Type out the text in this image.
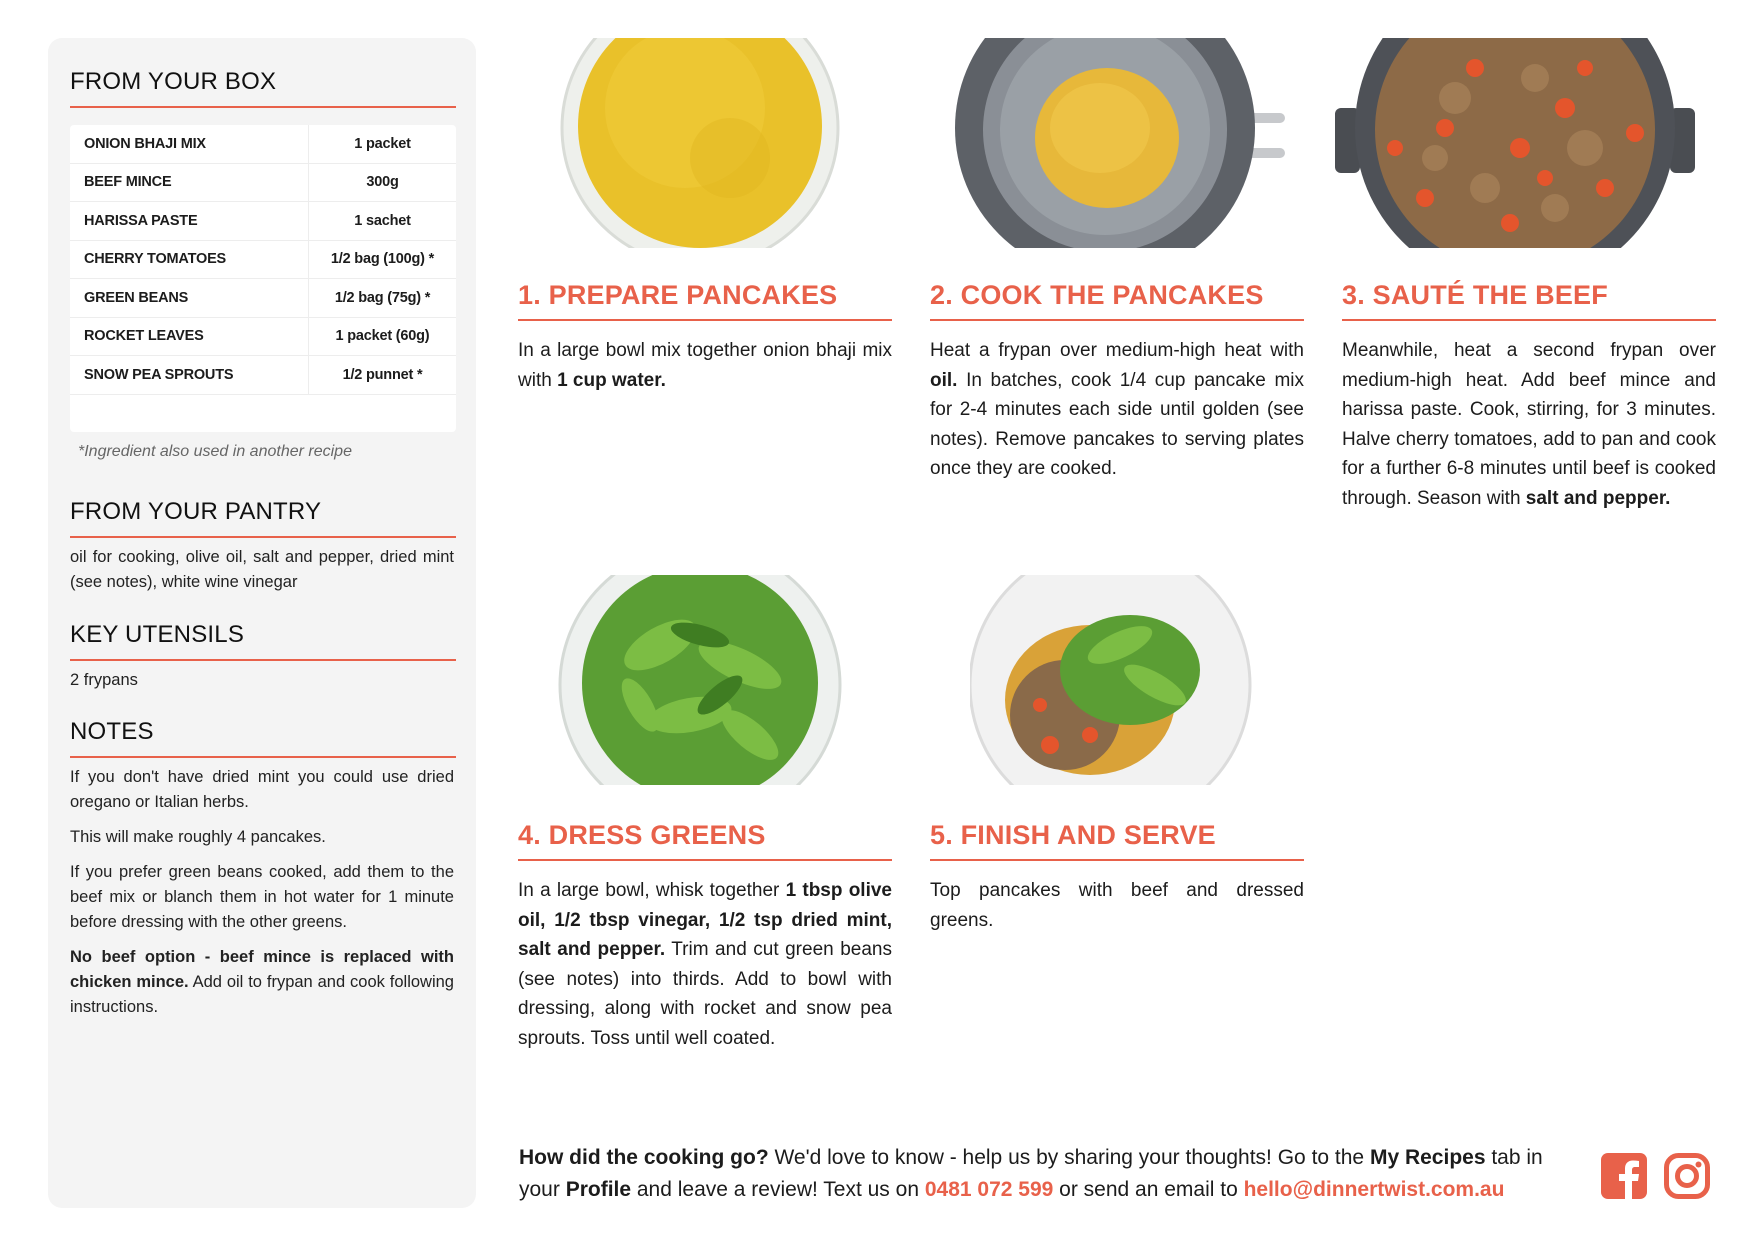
FROM YOUR BOX
ONION BHAJI MIX	1 packet
BEEF MINCE	300g
HARISSA PASTE	1 sachet
CHERRY TOMATOES	1/2 bag (100g) *
GREEN BEANS	1/2 bag (75g) *
ROCKET LEAVES	1 packet (60g)
SNOW PEA SPROUTS	1/2 punnet *
*Ingredient also used in another recipe
FROM YOUR PANTRY
oil for cooking, olive oil, salt and pepper, dried mint (see notes), white wine vinegar
KEY UTENSILS
2 frypans
NOTES

If you don't have dried mint you could use dried oregano or Italian herbs.

This will make roughly 4 pancakes.

If you prefer green beans cooked, add them to the beef mix or blanch them in hot water for 1 minute before dressing with the other greens.

No beef option - beef mince is replaced with chicken mince. Add oil to frypan and cook following instructions.

1. PREPARE PANCAKES
In a large bowl mix together onion bhaji mix with 1 cup water.
2. COOK THE PANCAKES
Heat a frypan over medium-high heat with oil. In batches, cook 1/4 cup pancake mix for 2-4 minutes each side until golden (see notes). Remove pancakes to serving plates once they are cooked.
3. SAUTÉ THE BEEF
Meanwhile, heat a second frypan over medium-high heat. Add beef mince and harissa paste. Cook, stirring, for 3 minutes. Halve cherry tomatoes, add to pan and cook for a further 6-8 minutes until beef is cooked through. Season with salt and pepper.
4. DRESS GREENS
In a large bowl, whisk together 1 tbsp olive oil, 1/2 tbsp vinegar, 1/2 tsp dried mint, salt and pepper. Trim and cut green beans (see notes) into thirds. Add to bowl with dressing, along with rocket and snow pea sprouts. Toss until well coated.
5. FINISH AND SERVE
Top pancakes with beef and dressed greens.
How did the cooking go? We'd love to know - help us by sharing your thoughts! Go to the My Recipes tab in your Profile and leave a review! Text us on 0481 072 599 or send an email to hello@dinnertwist.com.au
